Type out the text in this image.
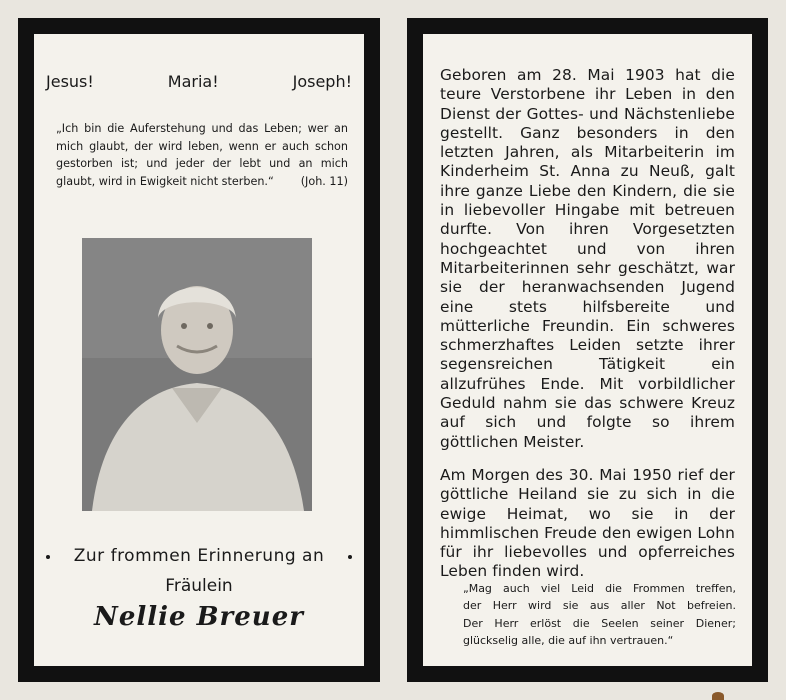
Jesus!	Maria!	Joseph!
„Ich bin die Auferstehung und das Leben; wer an mich glaubt, der wird leben, wenn er auch schon gestorben ist; und jeder der lebt und an mich glaubt, wird in Ewigkeit nicht sterben.“ (Joh. 11)
Zur frommen Erinnerung an
Fräulein
Nellie Breuer

Geboren am 28. Mai 1903 hat die teure Verstorbene ihr Leben in den Dienst der Gottes- und Nächstenliebe gestellt. Ganz besonders in den letzten Jahren, als Mitarbeiterin im Kinderheim St. Anna zu Neuß, galt ihre ganze Liebe den Kindern, die sie in liebevoller Hingabe mit betreuen durfte. Von ihren Vorgesetzten hochgeachtet und von ihren Mitarbeiterinnen sehr geschätzt, war sie der heranwachsenden Jugend eine stets hilfsbereite und mütterliche Freundin. Ein schweres schmerzhaftes Leiden setzte ihrer segensreichen Tätigkeit ein allzufrühes Ende. Mit vorbildlicher Geduld nahm sie das schwere Kreuz auf sich und folgte so ihrem göttlichen Meister.

Am Morgen des 30. Mai 1950 rief der göttliche Heiland sie zu sich in die ewige Heimat, wo sie in der himmlischen Freude den ewigen Lohn für ihr liebevolles und opferreiches Leben finden wird.

„Mag auch viel Leid die Frommen treffen,
der Herr wird sie aus aller Not befreien.
Der Herr erlöst die Seelen seiner Diener;
glückselig alle, die auf ihn vertrauen.“
